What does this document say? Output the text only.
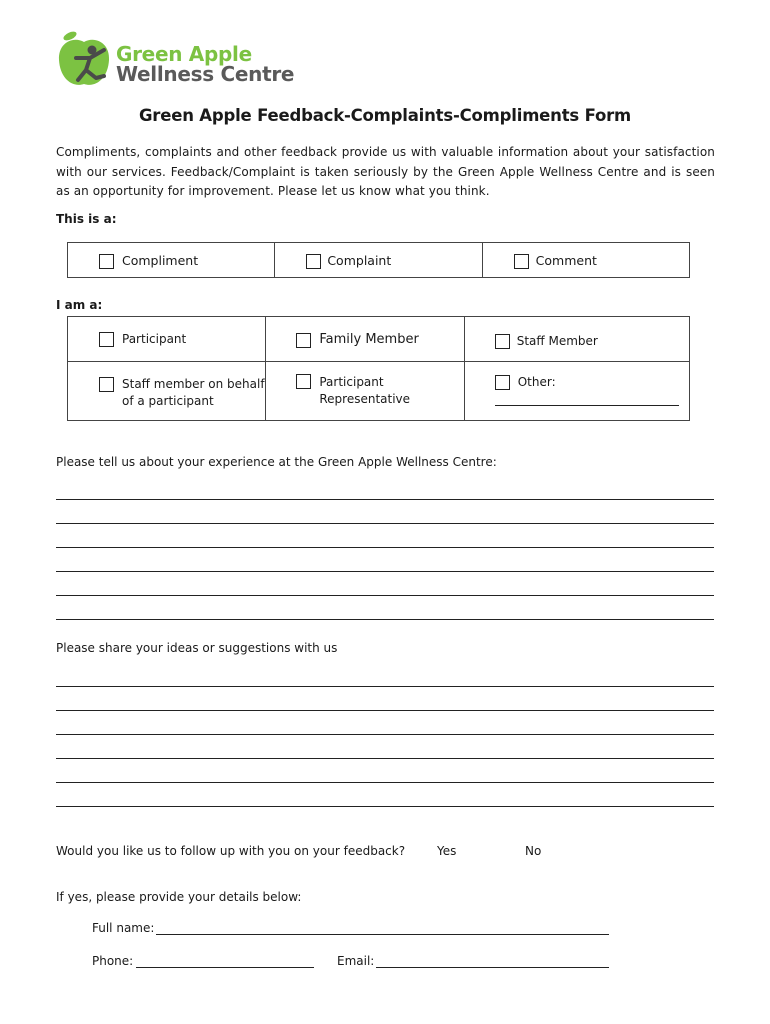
Green Apple
Wellness Centre
Green Apple Feedback-Complaints-Compliments Form
Compliments, complaints and other feedback provide us with valuable information about your satisfaction with our services. Feedback/Complaint is taken seriously by the Green Apple Wellness Centre and is seen as an opportunity for improvement. Please let us know what you think.
This is a:
Compliment	Complaint	Comment
I am a:
Participant	Family Member	Staff Member

Staff member on behalf of a participant	Participant Representative	Other:
Please tell us about your experience at the Green Apple Wellness Centre:
Please share your ideas or suggestions with us
Would you like us to follow up with you on your feedback?	Yes	No
If yes, please provide your details below:
Full name:
Phone:	Email:
